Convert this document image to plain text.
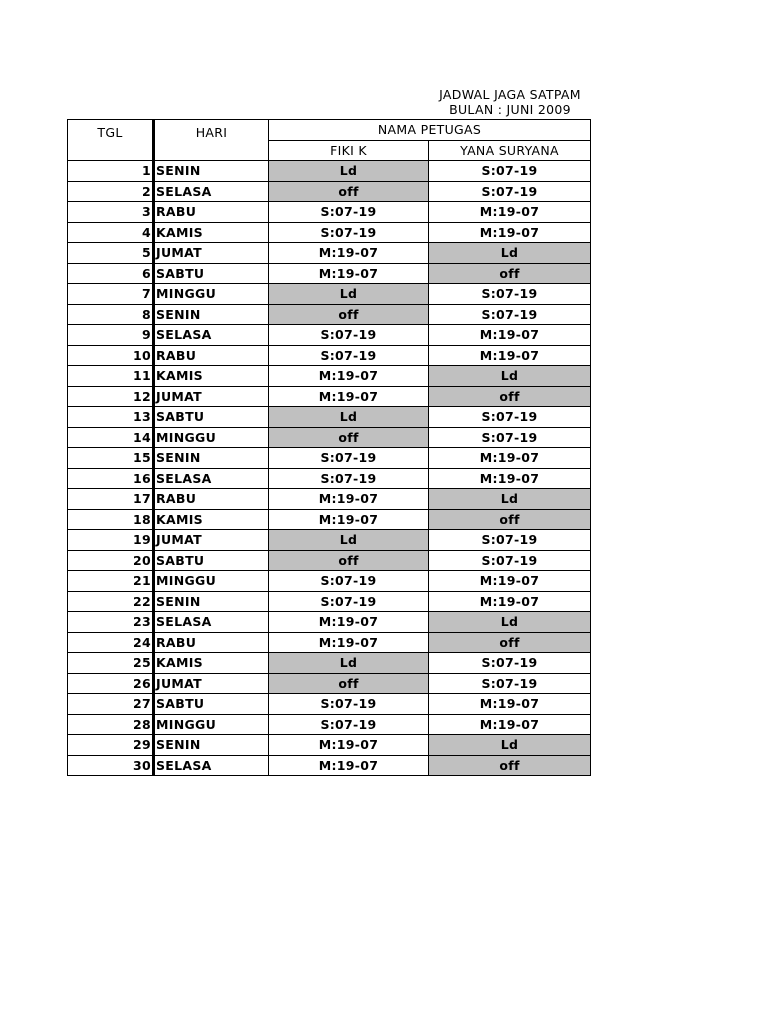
JADWAL JAGA SATPAM
BULAN : JUNI 2009
TGL	HARI	NAMA PETUGAS	
		FIKI K	YANA SURYANA
1	SENIN	Ld	S:07-19
2	SELASA	off	S:07-19
3	RABU	S:07-19	M:19-07
4	KAMIS	S:07-19	M:19-07
5	JUMAT	M:19-07	Ld
6	SABTU	M:19-07	off
7	MINGGU	Ld	S:07-19
8	SENIN	off	S:07-19
9	SELASA	S:07-19	M:19-07
10	RABU	S:07-19	M:19-07
11	KAMIS	M:19-07	Ld
12	JUMAT	M:19-07	off
13	SABTU	Ld	S:07-19
14	MINGGU	off	S:07-19
15	SENIN	S:07-19	M:19-07
16	SELASA	S:07-19	M:19-07
17	RABU	M:19-07	Ld
18	KAMIS	M:19-07	off
19	JUMAT	Ld	S:07-19
20	SABTU	off	S:07-19
21	MINGGU	S:07-19	M:19-07
22	SENIN	S:07-19	M:19-07
23	SELASA	M:19-07	Ld
24	RABU	M:19-07	off
25	KAMIS	Ld	S:07-19
26	JUMAT	off	S:07-19
27	SABTU	S:07-19	M:19-07
28	MINGGU	S:07-19	M:19-07
29	SENIN	M:19-07	Ld
30	SELASA	M:19-07	off
